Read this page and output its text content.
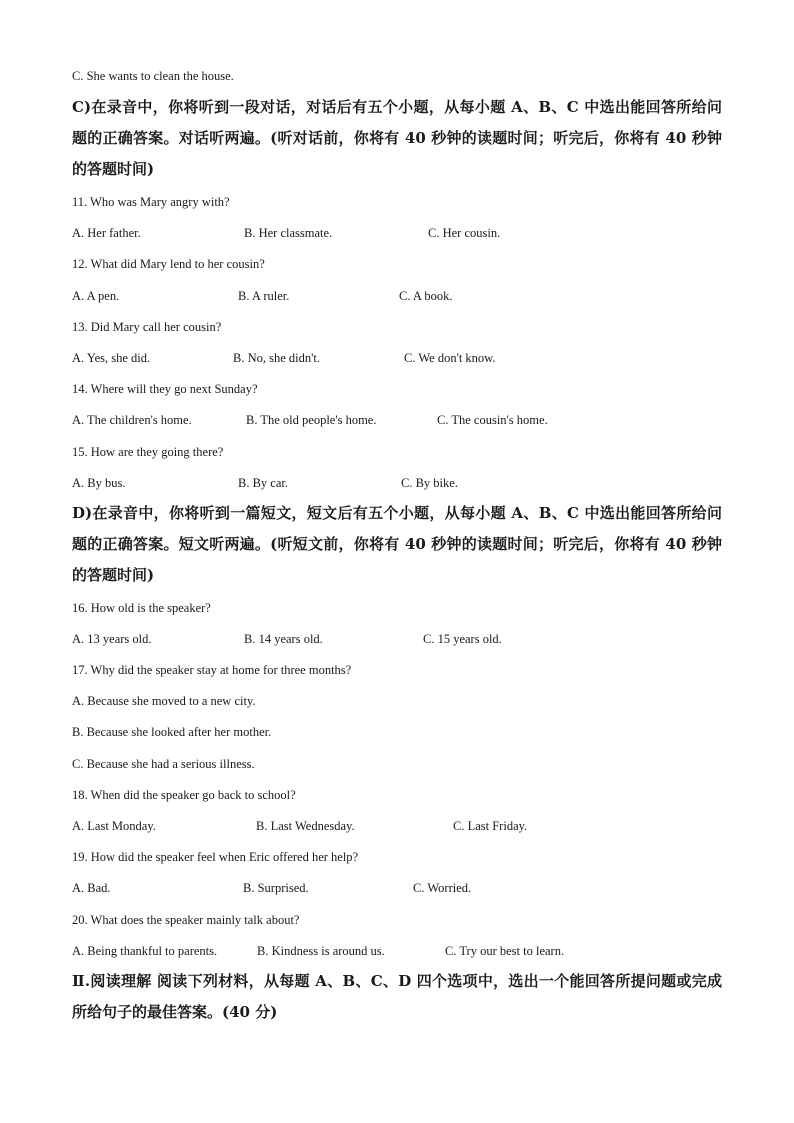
C. She wants to clean the house.
C)在录音中，你将听到一段对话，对话后有五个小题，从每小题 A、B、C 中选出能回答所给问题的正确答案。对话听两遍。(听对话前，你将有 40 秒钟的读题时间；听完后，你将有 40 秒钟的答题时间)
11. Who was Mary angry with?
A. Her father.	B. Her classmate.	C. Her cousin.
12. What did Mary lend to her cousin?
A. A pen.	B. A ruler.	C. A book.
13. Did Mary call her cousin?
A. Yes, she did.	B. No, she didn't.	C. We don't know.
14. Where will they go next Sunday?
A. The children's home.	B. The old people's home.	C. The cousin's home.
15. How are they going there?
A. By bus.	B. By car.	C. By bike.
D)在录音中，你将听到一篇短文，短文后有五个小题，从每小题 A、B、C 中选出能回答所给问题的正确答案。短文听两遍。(听短文前，你将有 40 秒钟的读题时间；听完后，你将有 40 秒钟的答题时间)
16. How old is the speaker?
A. 13 years old.	B. 14 years old.	C. 15 years old.
17. Why did the speaker stay at home for three months?
A. Because she moved to a new city.
B. Because she looked after her mother.
C. Because she had a serious illness.
18. When did the speaker go back to school?
A. Last Monday.	B. Last Wednesday.	C. Last Friday.
19. How did the speaker feel when Eric offered her help?
A. Bad.	B. Surprised.	C. Worried.
20. What does the speaker mainly talk about?
A. Being thankful to parents.	B. Kindness is around us.	C. Try our best to learn.
Ⅱ.阅读理解 阅读下列材料，从每题 A、B、C、D 四个选项中，选出一个能回答所提问题或完成所给句子的最佳答案。(40 分)
